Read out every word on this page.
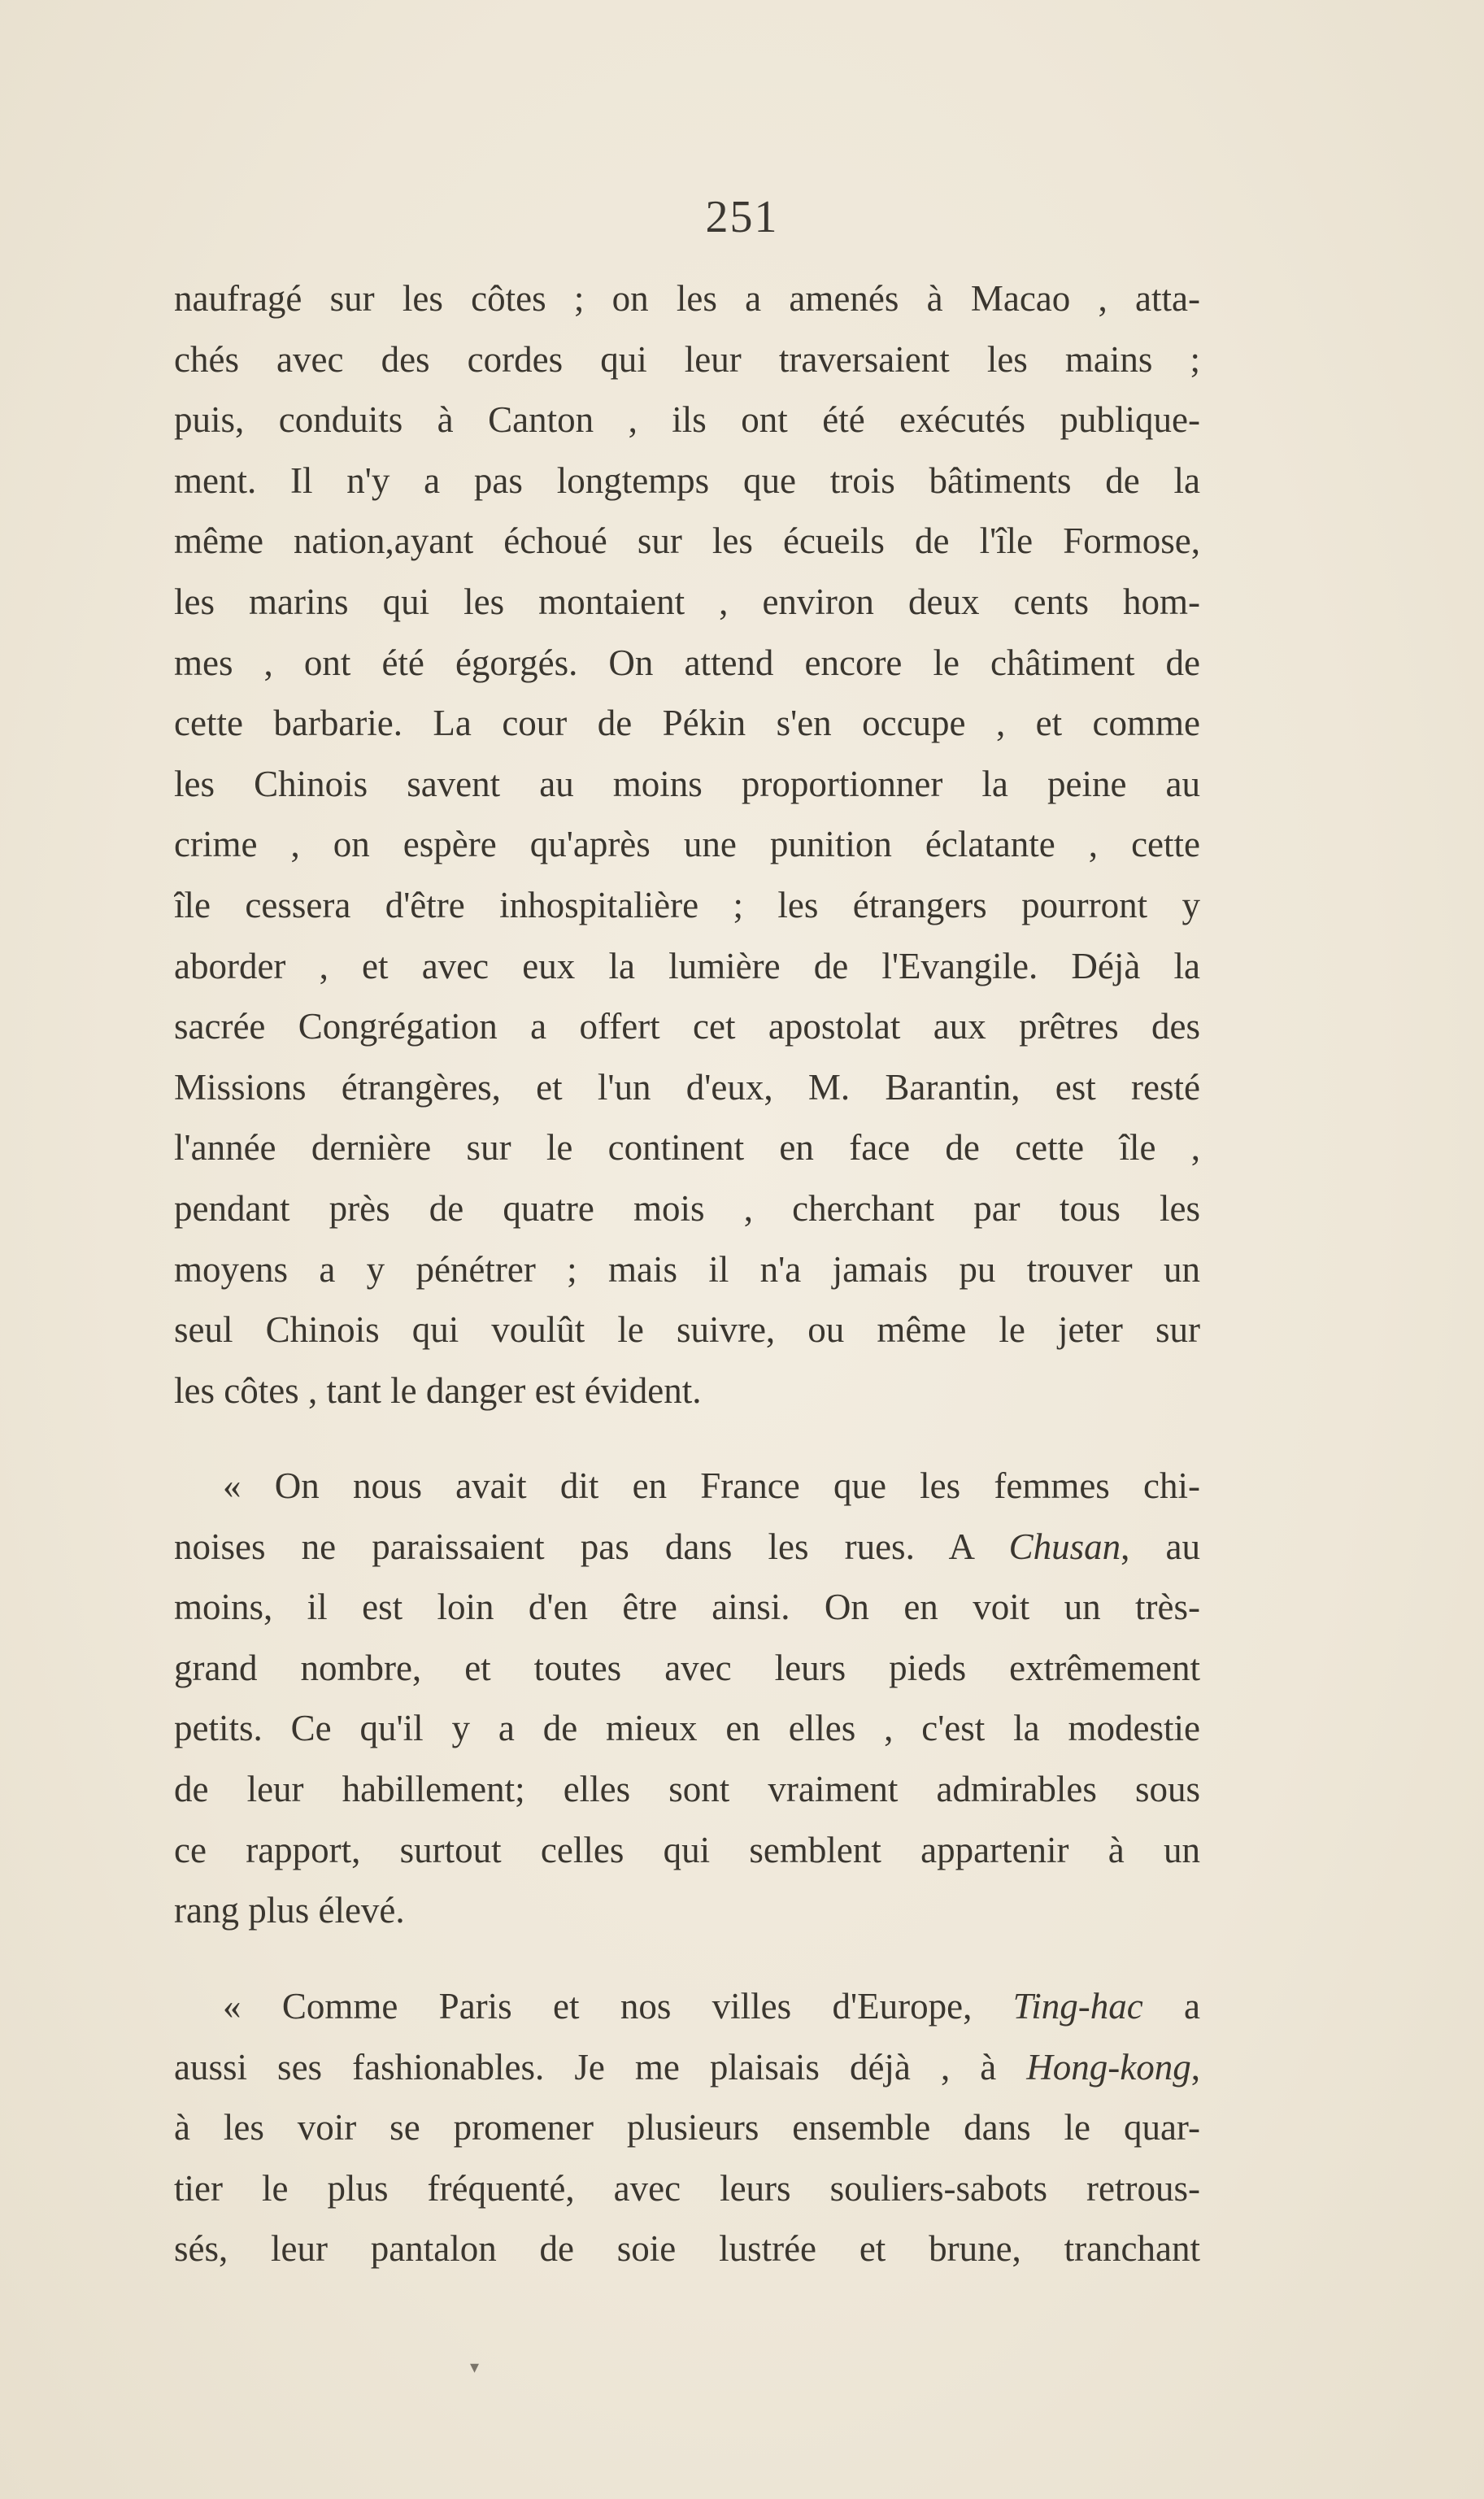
251
naufragé sur les côtes ; on les a amenés à Macao , atta-
chés avec des cordes qui leur traversaient les mains ;
puis, conduits à Canton , ils ont été exécutés publique-
ment. Il n'y a pas longtemps que trois bâtiments de la
même nation,ayant échoué sur les écueils de l'île Formose,
les marins qui les montaient , environ deux cents hom-
mes , ont été égorgés. On attend encore le châtiment de
cette barbarie. La cour de Pékin s'en occupe , et comme
les Chinois savent au moins proportionner la peine au
crime , on espère qu'après une punition éclatante , cette
île cessera d'être inhospitalière ; les étrangers pourront y
aborder , et avec eux la lumière de l'Evangile. Déjà la
sacrée Congrégation a offert cet apostolat aux prêtres des
Missions étrangères, et l'un d'eux, M. Barantin, est resté
l'année dernière sur le continent en face de cette île ,
pendant près de quatre mois , cherchant par tous les
moyens a y pénétrer ; mais il n'a jamais pu trouver un
seul Chinois qui voulût le suivre, ou même le jeter sur
les côtes , tant le danger est évident.
« On nous avait dit en France que les femmes chi-
noises ne paraissaient pas dans les rues. A Chusan, au
moins, il est loin d'en être ainsi. On en voit un très-
grand nombre, et toutes avec leurs pieds extrêmement
petits. Ce qu'il y a de mieux en elles , c'est la modestie
de leur habillement; elles sont vraiment admirables sous
ce rapport, surtout celles qui semblent appartenir à un
rang plus élevé.
« Comme Paris et nos villes d'Europe, Ting-hac a
aussi ses fashionables. Je me plaisais déjà , à Hong-kong,
à les voir se promener plusieurs ensemble dans le quar-
tier le plus fréquenté, avec leurs souliers-sabots retrous-
sés, leur pantalon de soie lustrée et brune, tranchant
▾
